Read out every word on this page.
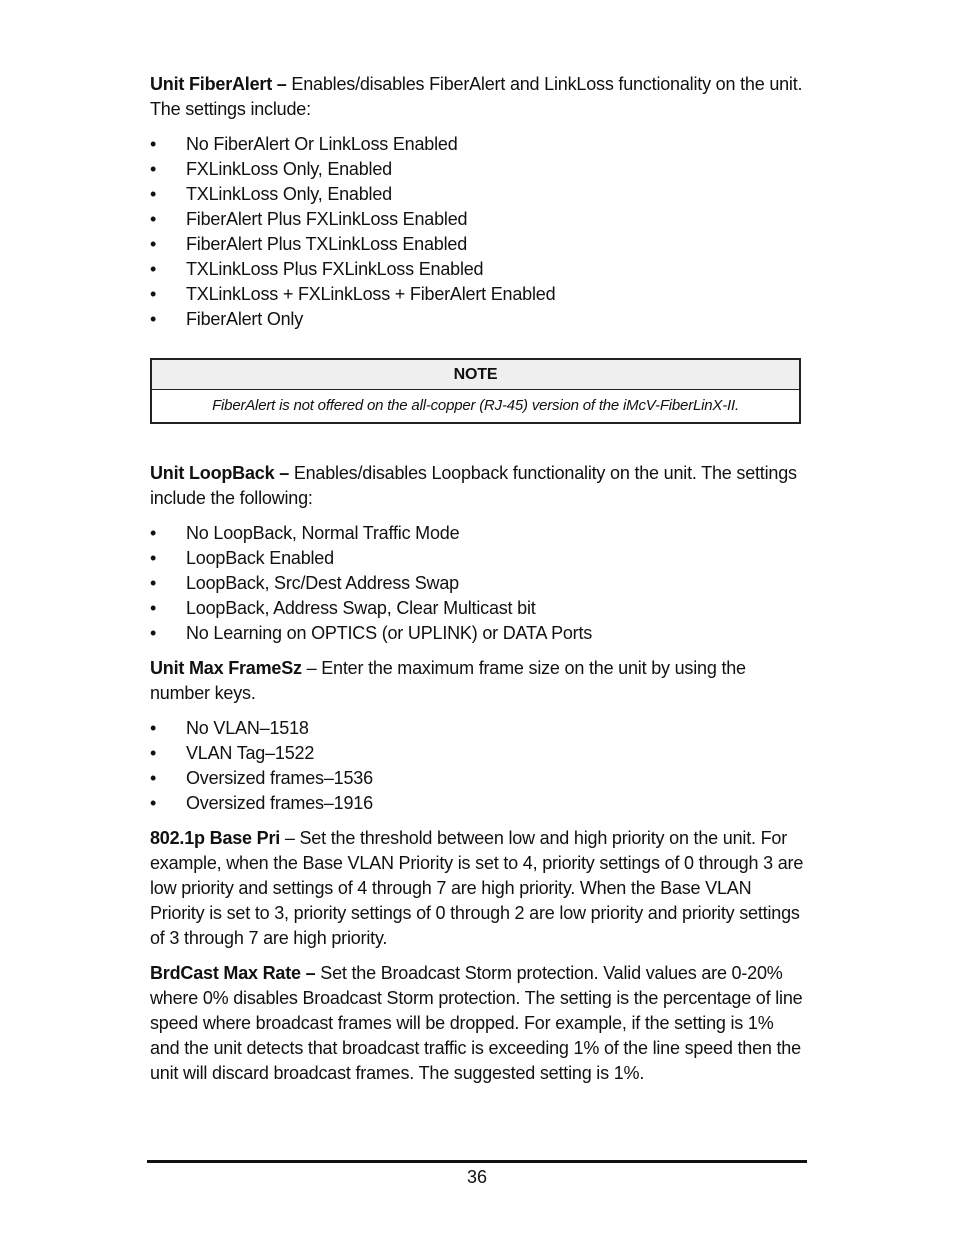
Unit FiberAlert – Enables/disables FiberAlert and LinkLoss functionality on the unit. The settings include:

• No FiberAlert Or LinkLoss Enabled
• FXLinkLoss Only, Enabled
• TXLinkLoss Only, Enabled
• FiberAlert Plus FXLinkLoss Enabled
• FiberAlert Plus TXLinkLoss Enabled
• TXLinkLoss Plus FXLinkLoss Enabled
• TXLinkLoss + FXLinkLoss + FiberAlert Enabled
• FiberAlert Only
NOTE
FiberAlert is not offered on the all-copper (RJ-45) version of the iMcV-FiberLinX-II.

Unit LoopBack – Enables/disables Loopback functionality on the unit. The settings include the following:

• No LoopBack, Normal Traffic Mode
• LoopBack Enabled
• LoopBack, Src/Dest Address Swap
• LoopBack, Address Swap, Clear Multicast bit
• No Learning on OPTICS (or UPLINK) or DATA Ports

Unit Max FrameSz – Enter the maximum frame size on the unit by using the number keys.

• No VLAN–1518
• VLAN Tag–1522
• Oversized frames–1536
• Oversized frames–1916

802.1p Base Pri – Set the threshold between low and high priority on the unit. For example, when the Base VLAN Priority is set to 4, priority settings of 0 through 3 are low priority and settings of 4 through 7 are high priority. When the Base VLAN Priority is set to 3, priority settings of 0 through 2 are low priority and priority settings of 3 through 7 are high priority.

BrdCast Max Rate – Set the Broadcast Storm protection. Valid values are 0-20% where 0% disables Broadcast Storm protection. The setting is the percentage of line speed where broadcast frames will be dropped. For example, if the setting is 1% and the unit detects that broadcast traffic is exceeding 1% of the line speed then the unit will discard broadcast frames. The suggested setting is 1%.

36
